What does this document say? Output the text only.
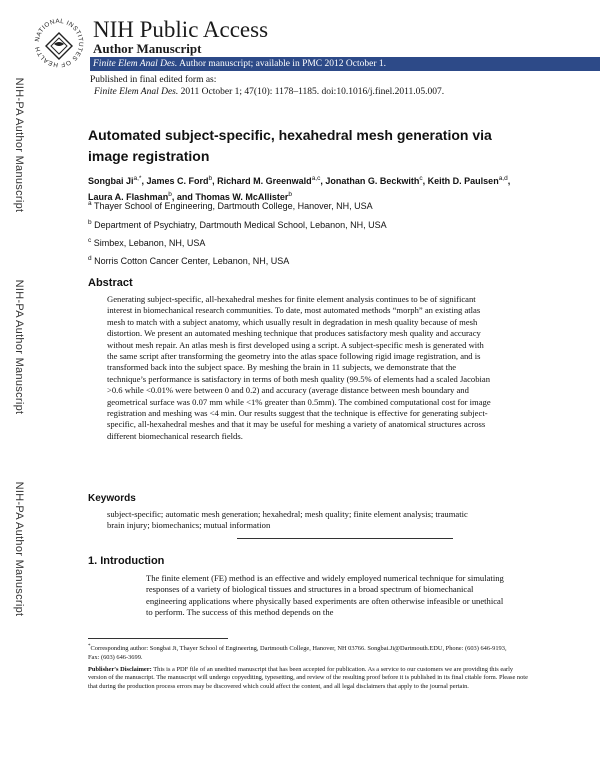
NATIONAL INSTITUTES OF HEALTH
NIH Public Access
Author Manuscript
Finite Elem Anal Des. Author manuscript; available in PMC 2012 October 1.
Published in final edited form as:
Finite Elem Anal Des. 2011 October 1; 47(10): 1178–1185. doi:10.1016/j.finel.2011.05.007.
NIH-PA Author Manuscript
NIH-PA Author Manuscript
NIH-PA Author Manuscript
Automated subject-specific, hexahedral mesh generation via image registration
Songbai $Ji^{a,*}$, James C. Ford$^b$, Richard M. Greenwald$^{a,c}$, Jonathan G. Beckwith$^c$, Keith D. Paulsen$^{a,d}$, Laura A. Flashman$^b$, and Thomas W. McAllister$^b$
$^a$ Thayer School of Engineering, Dartmouth College, Hanover, NH, USA
$^b$ Department of Psychiatry, Dartmouth Medical School, Lebanon, NH, USA
$^c$ Simbex, Lebanon, NH, USA
$^d$ Norris Cotton Cancer Center, Lebanon, NH, USA
Abstract
Generating subject-specific, all-hexahedral meshes for finite element analysis continues to be of significant interest in biomechanical research communities. To date, most automated methods “morph” an existing atlas mesh to match with a subject anatomy, which usually result in degradation in mesh quality because of mesh distortion. We present an automated meshing technique that produces satisfactory mesh quality and accuracy without mesh repair. An atlas mesh is first developed using a script. A subject-specific mesh is generated with the same script after transforming the geometry into the atlas space following rigid image registration, and is transformed back into the subject space. By meshing the brain in 11 subjects, we demonstrate that the technique’s performance is satisfactory in terms of both mesh quality (99.5% of elements had a scaled Jacobian >0.6 while <0.01% were between 0 and 0.2) and accuracy (average distance between mesh boundary and geometrical surface was 0.07 mm while <1% greater than 0.5mm). The combined computational cost for image registration and meshing was <4 min. Our results suggest that the technique is effective for generating subject-specific, all-hexahedral meshes and that it may be useful for meshing a variety of anatomical structures across different biomechanical research fields.
Keywords
subject-specific; automatic mesh generation; hexahedral; mesh quality; finite element analysis; traumatic brain injury; biomechanics; mutual information
1. Introduction
The finite element (FE) method is an effective and widely employed numerical technique for simulating responses of a variety of biological tissues and structures in a broad spectrum of biomechanical engineering applications where physically based experiments are often otherwise infeasible or unethical to perform. The success of this method depends on the
*Corresponding author: Songbai Ji, Thayer School of Engineering, Dartmouth College, Hanover, NH 03766. Songbai.Ji@Dartmouth.EDU, Phone: (603) 646-9193, Fax: (603) 646-3699.
Publisher's Disclaimer: This is a PDF file of an unedited manuscript that has been accepted for publication. As a service to our customers we are providing this early version of the manuscript. The manuscript will undergo copyediting, typesetting, and review of the resulting proof before it is published in its final citable form. Please note that during the production process errors may be discovered which could affect the content, and all legal disclaimers that apply to the journal pertain.
